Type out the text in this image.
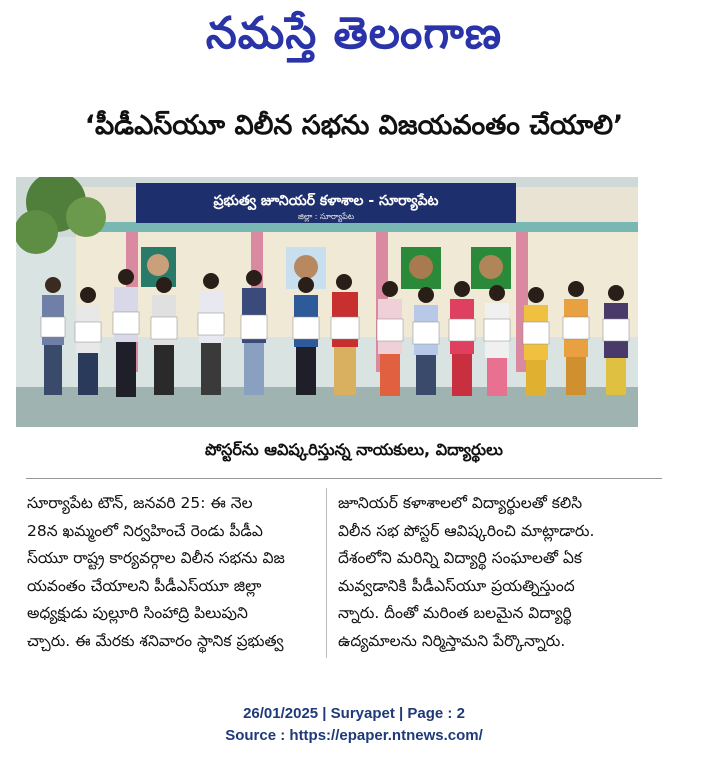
నమస్తే తెలంగాణ
‘పీడీఎస్‌యూ విలీన సభను విజయవంతం చేయాలి’
ప్రభుత్వ జూనియర్ కళాశాల - సూర్యాపేట
జిల్లా : సూర్యాపేట
పోస్టర్‌ను ఆవిష్కరిస్తున్న నాయకులు, విద్యార్థులు

సూర్యాపేట టౌన్, జనవరి 25: ఈ నెల

28న ఖమ్మంలో నిర్వహించే రెండు పీడీఎ

స్‌యూ రాష్ట్ర కార్యవర్గాల విలీన సభను విజ

యవంతం చేయాలని పీడీఎస్‌యూ జిల్లా

అధ్యక్షుడు పుల్లూరి సింహాద్రి పిలుపుని

చ్చారు. ఈ మేరకు శనివారం స్థానిక ప్రభుత్వ

జూనియర్ కళాశాలలో విద్యార్థులతో కలిసి

విలీన సభ పోస్టర్ ఆవిష్కరించి మాట్లాడారు.

దేశంలోని మరిన్ని విద్యార్థి సంఘాలతో ఏక

మవ్వడానికి పీడీఎస్‌యూ ప్రయత్నిస్తుంద

న్నారు. దీంతో మరింత బలమైన విద్యార్థి

ఉద్యమాలను నిర్మిస్తామని పేర్కొన్నారు.

26/01/2025 | Suryapet | Page : 2
Source : https://epaper.ntnews.com/
